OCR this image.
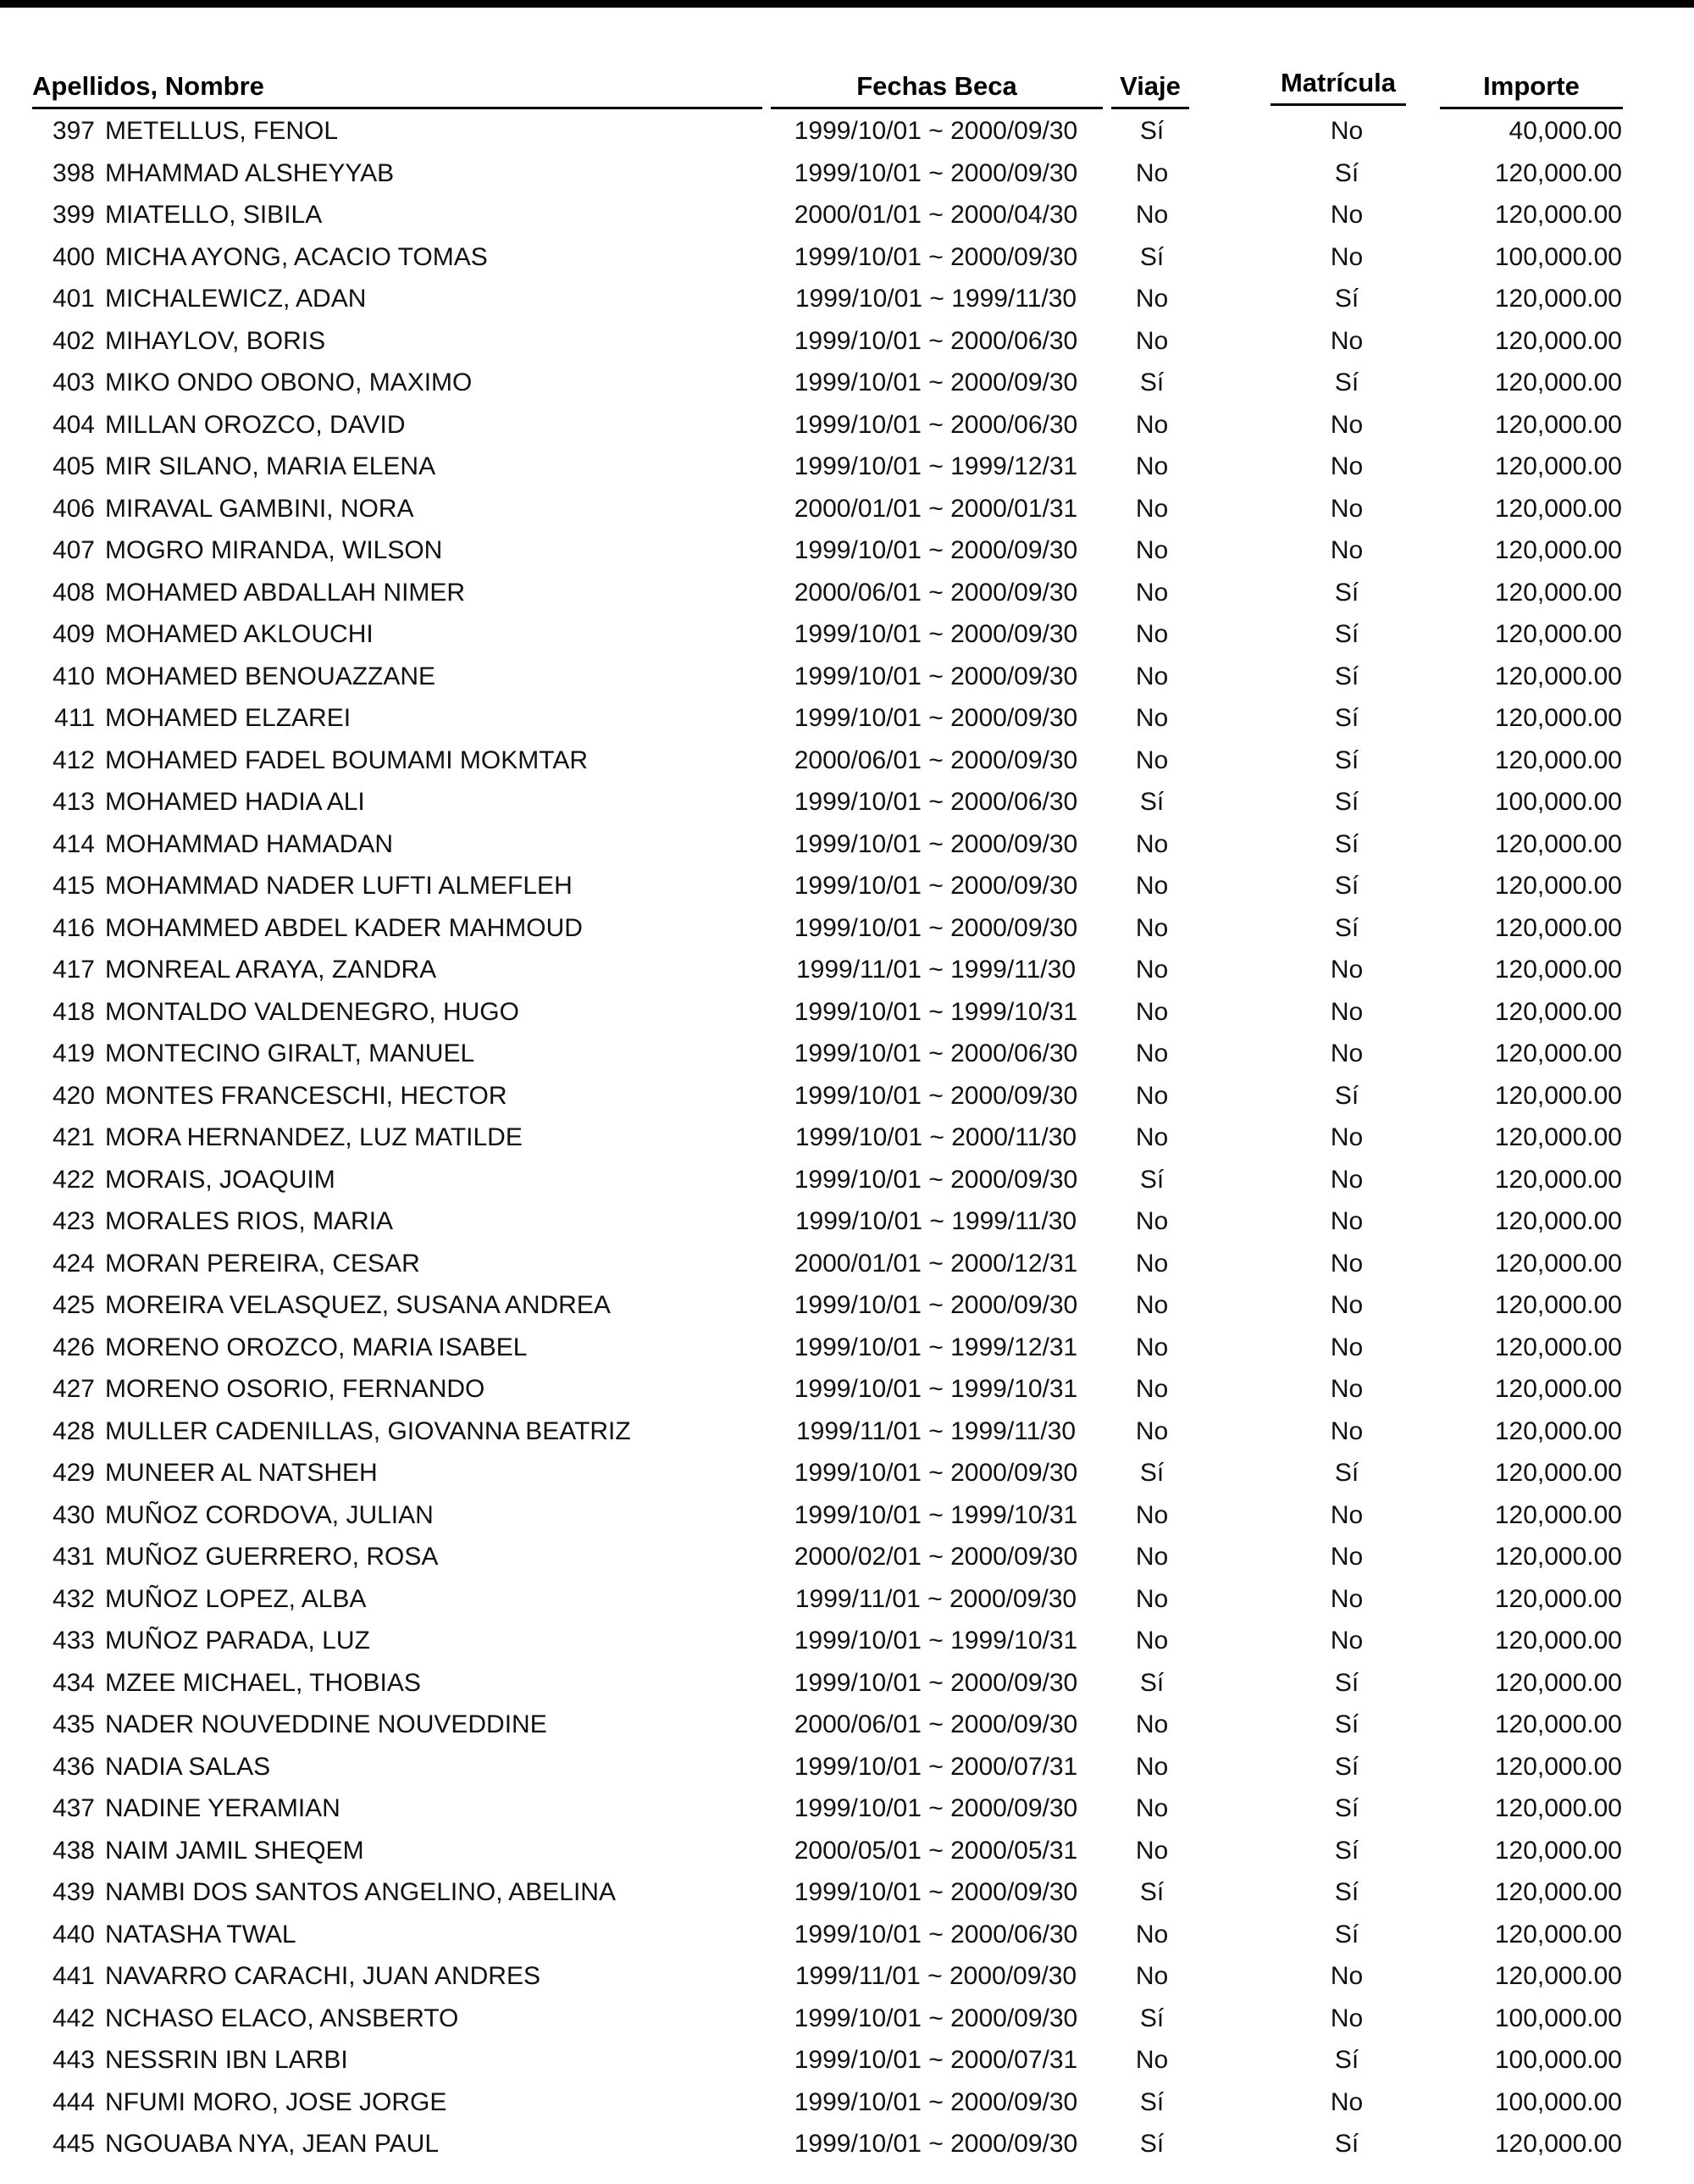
Apellidos, Nombre	Fechas Beca	Viaje	Matrícula	Importe
397 METELLUS, FENOL	1999/10/01 ~ 2000/09/30	Sí	No	40,000.00
398 MHAMMAD ALSHEYYAB	1999/10/01 ~ 2000/09/30	No	Sí	120,000.00
399 MIATELLO, SIBILA	2000/01/01 ~ 2000/04/30	No	No	120,000.00
400 MICHA AYONG, ACACIO TOMAS	1999/10/01 ~ 2000/09/30	Sí	No	100,000.00
401 MICHALEWICZ, ADAN	1999/10/01 ~ 1999/11/30	No	Sí	120,000.00
402 MIHAYLOV, BORIS	1999/10/01 ~ 2000/06/30	No	No	120,000.00
403 MIKO ONDO OBONO, MAXIMO	1999/10/01 ~ 2000/09/30	Sí	Sí	120,000.00
404 MILLAN OROZCO, DAVID	1999/10/01 ~ 2000/06/30	No	No	120,000.00
405 MIR SILANO, MARIA ELENA	1999/10/01 ~ 1999/12/31	No	No	120,000.00
406 MIRAVAL GAMBINI, NORA	2000/01/01 ~ 2000/01/31	No	No	120,000.00
407 MOGRO MIRANDA, WILSON	1999/10/01 ~ 2000/09/30	No	No	120,000.00
408 MOHAMED ABDALLAH NIMER	2000/06/01 ~ 2000/09/30	No	Sí	120,000.00
409 MOHAMED AKLOUCHI	1999/10/01 ~ 2000/09/30	No	Sí	120,000.00
410 MOHAMED BENOUAZZANE	1999/10/01 ~ 2000/09/30	No	Sí	120,000.00
411 MOHAMED ELZAREI	1999/10/01 ~ 2000/09/30	No	Sí	120,000.00
412 MOHAMED FADEL BOUMAMI MOKMTAR	2000/06/01 ~ 2000/09/30	No	Sí	120,000.00
413 MOHAMED HADIA ALI	1999/10/01 ~ 2000/06/30	Sí	Sí	100,000.00
414 MOHAMMAD HAMADAN	1999/10/01 ~ 2000/09/30	No	Sí	120,000.00
415 MOHAMMAD NADER LUFTI ALMEFLEH	1999/10/01 ~ 2000/09/30	No	Sí	120,000.00
416 MOHAMMED ABDEL KADER MAHMOUD	1999/10/01 ~ 2000/09/30	No	Sí	120,000.00
417 MONREAL ARAYA, ZANDRA	1999/11/01 ~ 1999/11/30	No	No	120,000.00
418 MONTALDO VALDENEGRO, HUGO	1999/10/01 ~ 1999/10/31	No	No	120,000.00
419 MONTECINO GIRALT, MANUEL	1999/10/01 ~ 2000/06/30	No	No	120,000.00
420 MONTES FRANCESCHI, HECTOR	1999/10/01 ~ 2000/09/30	No	Sí	120,000.00
421 MORA HERNANDEZ, LUZ MATILDE	1999/10/01 ~ 2000/11/30	No	No	120,000.00
422 MORAIS, JOAQUIM	1999/10/01 ~ 2000/09/30	Sí	No	120,000.00
423 MORALES RIOS, MARIA	1999/10/01 ~ 1999/11/30	No	No	120,000.00
424 MORAN PEREIRA, CESAR	2000/01/01 ~ 2000/12/31	No	No	120,000.00
425 MOREIRA VELASQUEZ, SUSANA ANDREA	1999/10/01 ~ 2000/09/30	No	No	120,000.00
426 MORENO OROZCO, MARIA ISABEL	1999/10/01 ~ 1999/12/31	No	No	120,000.00
427 MORENO OSORIO, FERNANDO	1999/10/01 ~ 1999/10/31	No	No	120,000.00
428 MULLER CADENILLAS, GIOVANNA BEATRIZ	1999/11/01 ~ 1999/11/30	No	No	120,000.00
429 MUNEER AL NATSHEH	1999/10/01 ~ 2000/09/30	Sí	Sí	120,000.00
430 MUÑOZ CORDOVA, JULIAN	1999/10/01 ~ 1999/10/31	No	No	120,000.00
431 MUÑOZ GUERRERO, ROSA	2000/02/01 ~ 2000/09/30	No	No	120,000.00
432 MUÑOZ LOPEZ, ALBA	1999/11/01 ~ 2000/09/30	No	No	120,000.00
433 MUÑOZ PARADA, LUZ	1999/10/01 ~ 1999/10/31	No	No	120,000.00
434 MZEE MICHAEL, THOBIAS	1999/10/01 ~ 2000/09/30	Sí	Sí	120,000.00
435 NADER NOUVEDDINE NOUVEDDINE	2000/06/01 ~ 2000/09/30	No	Sí	120,000.00
436 NADIA SALAS	1999/10/01 ~ 2000/07/31	No	Sí	120,000.00
437 NADINE YERAMIAN	1999/10/01 ~ 2000/09/30	No	Sí	120,000.00
438 NAIM JAMIL SHEQEM	2000/05/01 ~ 2000/05/31	No	Sí	120,000.00
439 NAMBI DOS SANTOS ANGELINO, ABELINA	1999/10/01 ~ 2000/09/30	Sí	Sí	120,000.00
440 NATASHA TWAL	1999/10/01 ~ 2000/06/30	No	Sí	120,000.00
441 NAVARRO CARACHI, JUAN ANDRES	1999/11/01 ~ 2000/09/30	No	No	120,000.00
442 NCHASO ELACO, ANSBERTO	1999/10/01 ~ 2000/09/30	Sí	No	100,000.00
443 NESSRIN IBN LARBI	1999/10/01 ~ 2000/07/31	No	Sí	100,000.00
444 NFUMI MORO, JOSE JORGE	1999/10/01 ~ 2000/09/30	Sí	No	100,000.00
445 NGOUABA NYA, JEAN PAUL	1999/10/01 ~ 2000/09/30	Sí	Sí	120,000.00
